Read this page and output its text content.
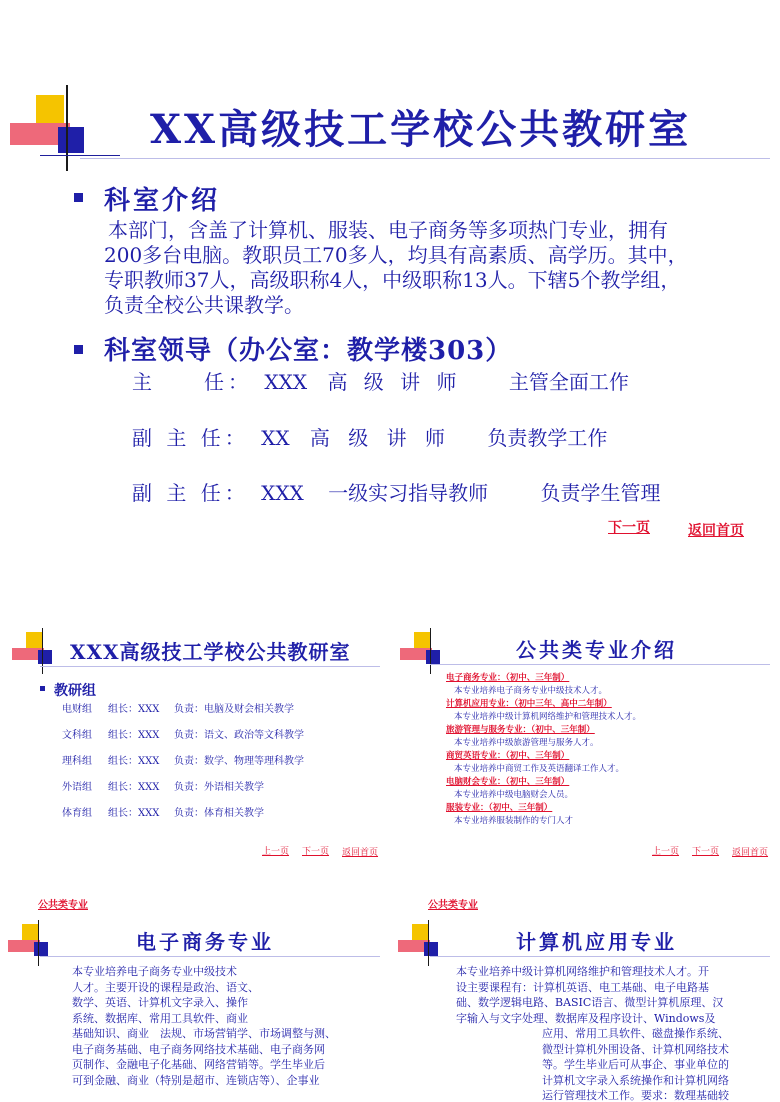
XX高级技工学校公共教研室
科室介绍
本部门，含盖了计算机、服装、电子商务等多项热门专业，拥有
200多台电脑。教职员工70多人，均具有高素质、高学历。其中，
专职教师37人，高级职称4人，中级职称13人。下辖5个教学组，
负责全校公共课教学。
科室领导（办公室：教学楼303）
主　　任： XXX 高 级 讲 师	主管全面工作
副 主 任： XX 高 级 讲 师 负责教学工作
副 主 任： XXX 一级实习指导教师	负责学生管理
下一页	返回首页
XXX高级技工学校公共教研室
教研组
电财组 组长：XXX 负责：电脑及财会相关教学
文科组 组长：XXX 负责：语文、政治等文科教学
理科组 组长：XXX 负责：数学、物理等理科教学
外语组 组长：XXX 负责：外语相关教学
体育组 组长：XXX 负责：体育相关教学
上一页 下一页 返回首页
公共类专业介绍
电子商务专业：（初中、三年制）
本专业培养电子商务专业中级技术人才。
计算机应用专业：（初中三年、高中二年制）
本专业培养中级计算机网络维护和管理技术人才。
旅游管理与服务专业：（初中、三年制）
本专业培养中级旅游管理与服务人才。
商贸英语专业：（初中、三年制）
本专业培养中商贸工作及英语翻译工作人才。
电脑财会专业：（初中、三年制）
本专业培养中级电脑财会人员。
服装专业：（初中、三年制）
本专业培养服装制作的专门人才
上一页 下一页 返回首页
公共类专业
电子商务专业
本专业培养电子商务专业中级技术
人才。主要开设的课程是政治、语文、
数学、英语、计算机文字录入、操作
系统、数据库、常用工具软件、商业
基础知识、商业　法规、市场营销学、市场调整与测、
电子商务基础、电子商务网络技术基础、电子商务网
页制作、金融电子化基础、网络营销等。学生毕业后
可到金融、商业（特别是超市、连锁店等）、企事业
公共类专业
计算机应用专业
本专业培养中级计算机网络维护和管理技术人才。开
设主要课程有：计算机英语、电工基础、电子电路基
础、数学逻辑电路、BASIC语言、微型计算机原理、汉
字输入与文字处理、数据库及程序设计、Windows及
应用、常用工具软件、磁盘操作系统、
微型计算机外围设备、计算机网络技术
等。学生毕业后可从事企、事业单位的
计算机文字录入系统操作和计算机网络
运行管理技术工作。要求：数理基础较
